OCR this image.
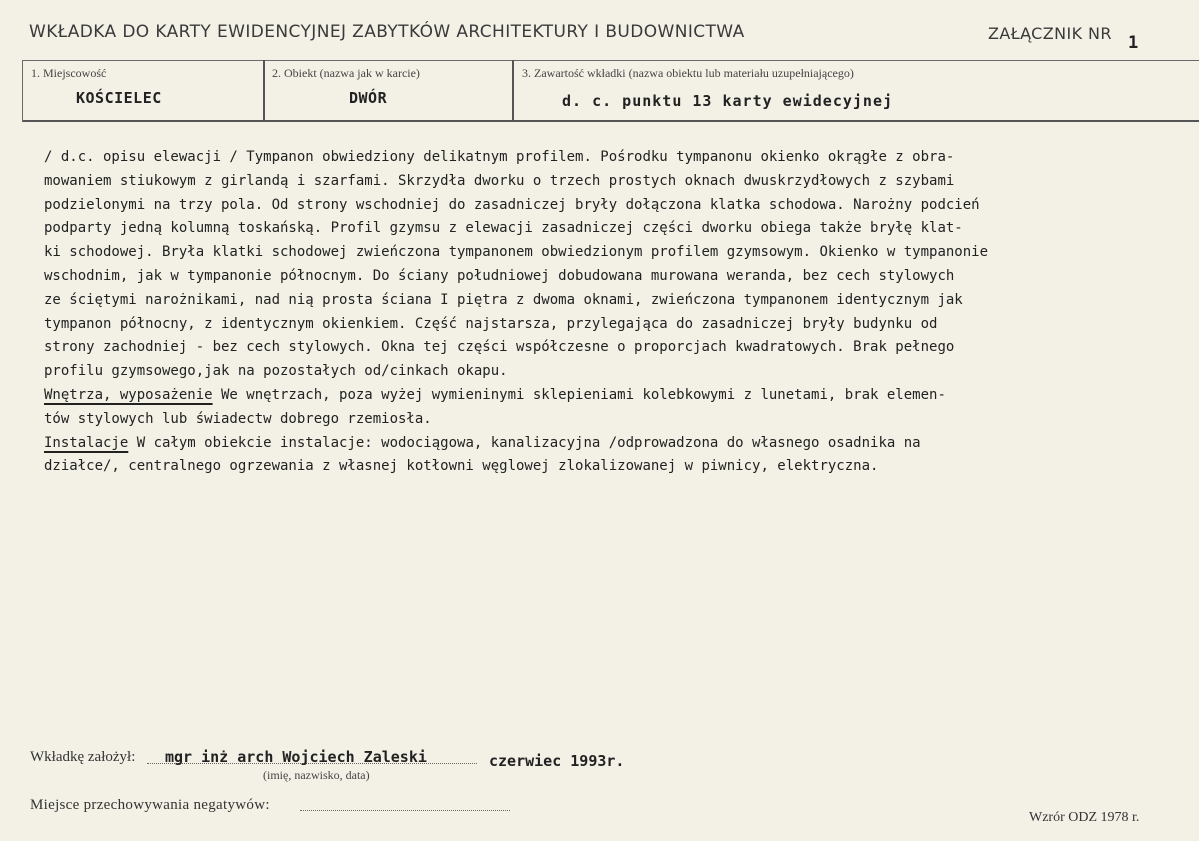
WKŁADKA DO KARTY EWIDENCYJNEJ ZABYTKÓW ARCHITEKTURY I BUDOWNICTWA	ZAŁĄCZNIK NR 1
1. Miejscowość
KOŚCIELEC
2. Obiekt (nazwa jak w karcie)
DWÓR
3. Zawartość wkładki (nazwa obiektu lub materiału uzupełniającego)
d. c. punktu 13 karty ewidecyjnej

/ d.c. opisu elewacji / Tympanon obwiedziony delikatnym profilem. Pośrodku tympanonu okienko okrągłe z obra-

mowaniem stiukowym z girlandą i szarfami. Skrzydła dworku o trzech prostych oknach dwuskrzydłowych z szybami

podzielonymi na trzy pola. Od strony wschodniej do zasadniczej bryły dołączona klatka schodowa. Narożny podcień

podparty jedną kolumną toskańską. Profil gzymsu z elewacji zasadniczej części dworku obiega także bryłę klat-

ki schodowej. Bryła klatki schodowej zwieńczona tympanonem obwiedzionym profilem gzymsowym. Okienko w tympanonie

wschodnim, jak w tympanonie północnym. Do ściany południowej dobudowana murowana weranda, bez cech stylowych

ze ściętymi narożnikami, nad nią prosta ściana I piętra z dwoma oknami, zwieńczona tympanonem identycznym jak

tympanon północny, z identycznym okienkiem. Część najstarsza, przylegająca do zasadniczej bryły budynku od

strony zachodniej - bez cech stylowych. Okna tej części współczesne o proporcjach kwadratowych. Brak pełnego

profilu gzymsowego,jak na pozostałych od/cinkach okapu.

Wnętrza, wyposażenie We wnętrzach, poza wyżej wymieninymi sklepieniami kolebkowymi z lunetami, brak elemen-

tów stylowych lub świadectw dobrego rzemiosła.

Instalacje W całym obiekcie instalacje: wodociągowa, kanalizacyjna /odprowadzona do własnego osadnika na

działce/, centralnego ogrzewania z własnej kotłowni węglowej zlokalizowanej w piwnicy, elektryczna.

Wkładkę założył: mgr inż arch Wojciech Zaleski	czerwiec 1993r.
(imię, nazwisko, data)
Miejsce przechowywania negatywów:
Wzrór ODZ 1978 r.
